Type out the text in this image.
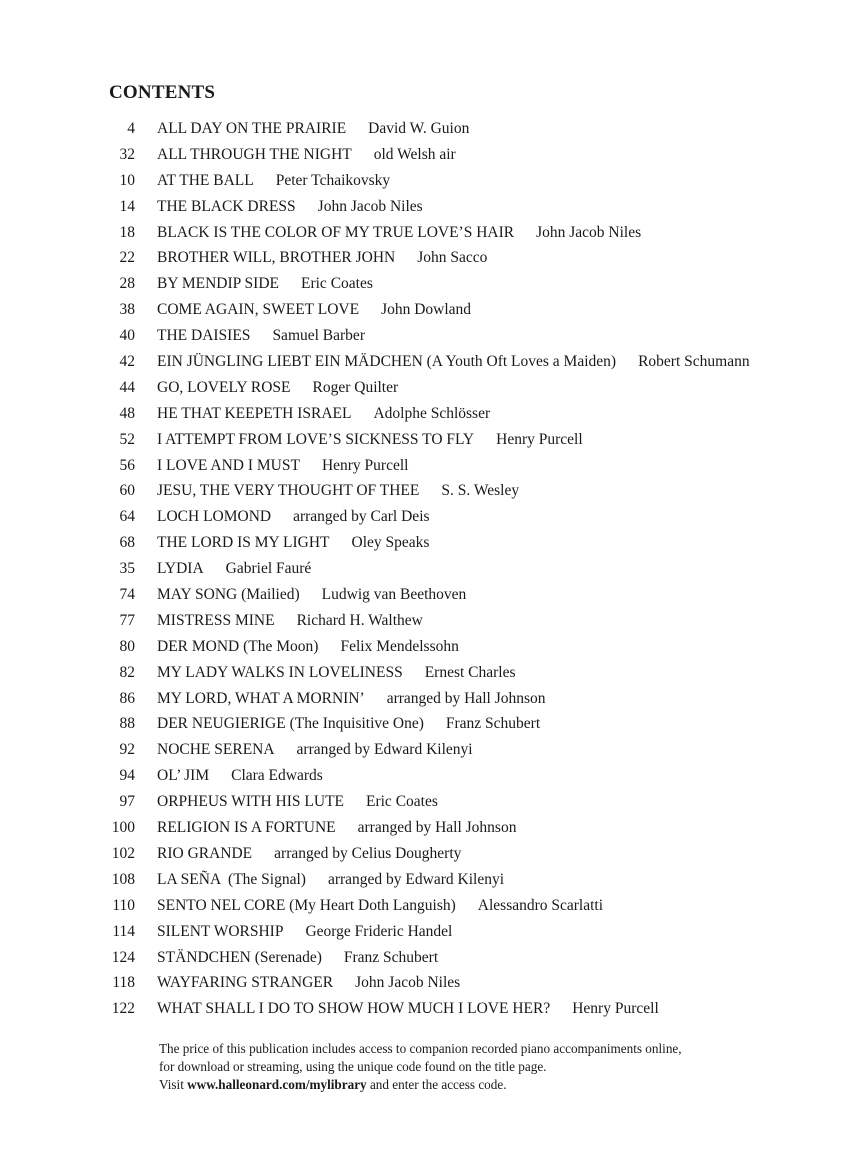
CONTENTS
4 ALL DAY ON THE PRAIRIE David W. Guion
32 ALL THROUGH THE NIGHT old Welsh air
10 AT THE BALL Peter Tchaikovsky
14 THE BLACK DRESS John Jacob Niles
18 BLACK IS THE COLOR OF MY TRUE LOVE’S HAIR John Jacob Niles
22 BROTHER WILL, BROTHER JOHN John Sacco
28 BY MENDIP SIDE Eric Coates
38 COME AGAIN, SWEET LOVE John Dowland
40 THE DAISIES Samuel Barber
42 EIN JÜNGLING LIEBT EIN MÄDCHEN (A Youth Oft Loves a Maiden) Robert Schumann
44 GO, LOVELY ROSE Roger Quilter
48 HE THAT KEEPETH ISRAEL Adolphe Schlösser
52 I ATTEMPT FROM LOVE’S SICKNESS TO FLY Henry Purcell
56 I LOVE AND I MUST Henry Purcell
60 JESU, THE VERY THOUGHT OF THEE S. S. Wesley
64 LOCH LOMOND arranged by Carl Deis
68 THE LORD IS MY LIGHT Oley Speaks
35 LYDIA Gabriel Fauré
74 MAY SONG (Mailied) Ludwig van Beethoven
77 MISTRESS MINE Richard H. Walthew
80 DER MOND (The Moon) Felix Mendelssohn
82 MY LADY WALKS IN LOVELINESS Ernest Charles
86 MY LORD, WHAT A MORNIN’ arranged by Hall Johnson
88 DER NEUGIERIGE (The Inquisitive One) Franz Schubert
92 NOCHE SERENA arranged by Edward Kilenyi
94 OL’ JIM Clara Edwards
97 ORPHEUS WITH HIS LUTE Eric Coates
100 RELIGION IS A FORTUNE arranged by Hall Johnson
102 RIO GRANDE arranged by Celius Dougherty
108 LA SEÑA  (The Signal) arranged by Edward Kilenyi
110 SENTO NEL CORE (My Heart Doth Languish) Alessandro Scarlatti
114 SILENT WORSHIP George Frideric Handel
124 STÄNDCHEN (Serenade) Franz Schubert
118 WAYFARING STRANGER John Jacob Niles
122 WHAT SHALL I DO TO SHOW HOW MUCH I LOVE HER? Henry Purcell

The price of this publication includes access to companion recorded piano accompaniments online,

for download or streaming, using the unique code found on the title page.

Visit www.halleonard.com/mylibrary and enter the access code.
